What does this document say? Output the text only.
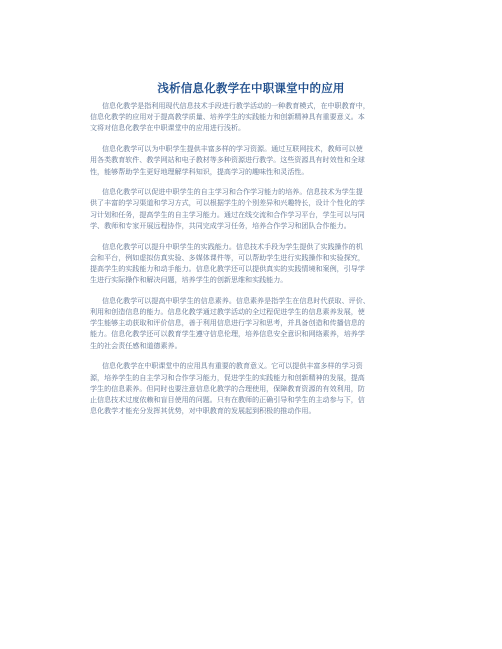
浅析信息化教学在中职课堂中的应用

信息化教学是指利用现代信息技术手段进行教学活动的一种教育模式，在中职教育中，
信息化教学的应用对于提高教学质量、培养学生的实践能力和创新精神具有重要意义。本
文将对信息化教学在中职课堂中的应用进行浅析。

信息化教学可以为中职学生提供丰富多样的学习资源。通过互联网技术，教师可以使
用各类教育软件、教学网站和电子教材等多种资源进行教学。这些资源具有时效性和全球
性，能够帮助学生更好地理解学科知识，提高学习的趣味性和灵活性。

信息化教学可以促进中职学生的自主学习和合作学习能力的培养。信息技术为学生提
供了丰富的学习渠道和学习方式，可以根据学生的个别差异和兴趣特长，设计个性化的学
习计划和任务，提高学生的自主学习能力。通过在线交流和合作学习平台，学生可以与同
学、教师和专家开展远程协作，共同完成学习任务，培养合作学习和团队合作能力。

信息化教学可以提升中职学生的实践能力。信息技术手段为学生提供了实践操作的机
会和平台，例如虚拟仿真实验、多媒体课件等，可以帮助学生进行实践操作和实验探究，
提高学生的实践能力和动手能力。信息化教学还可以提供真实的实践情境和案例，引导学
生进行实际操作和解决问题，培养学生的创新思维和实践能力。

信息化教学可以提高中职学生的信息素养。信息素养是指学生在信息时代获取、评价、
利用和创造信息的能力。信息化教学通过教学活动的全过程促进学生的信息素养发展，使
学生能够主动获取和评价信息，善于利用信息进行学习和思考，并具备创造和传播信息的
能力。信息化教学还可以教育学生遵守信息伦理，培养信息安全意识和网络素养，培养学
生的社会责任感和道德素养。

信息化教学在中职课堂中的应用具有重要的教育意义。它可以提供丰富多样的学习资
源，培养学生的自主学习和合作学习能力，促进学生的实践能力和创新精神的发展，提高
学生的信息素养。但同时也要注意信息化教学的合理使用，保障教育资源的有效利用，防
止信息技术过度依赖和盲目使用的问题。只有在教师的正确引导和学生的主动参与下，信
息化教学才能充分发挥其优势，对中职教育的发展起到积极的推动作用。
